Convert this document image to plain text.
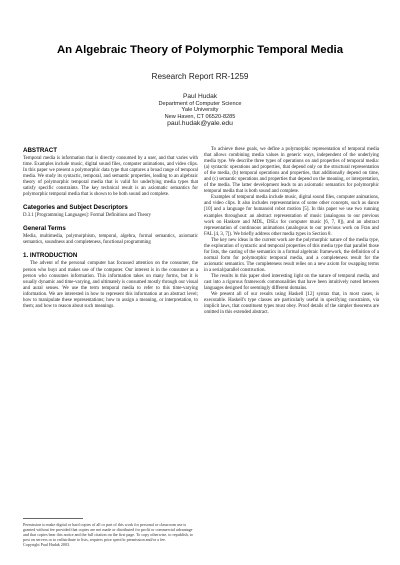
An Algebraic Theory of Polymorphic Temporal Media
Research Report RR-1259
Paul Hudak
Department of Computer Science
Yale University
New Haven, CT 06520-8285
paul.hudak@yale.edu
ABSTRACT

Temporal media is information that is directly consumed by a user, and that varies with time. Examples include music, digital sound files, computer animations, and video clips. In this paper we present a polymorphic data type that captures a broad range of temporal media. We study its syntactic, temporal, and semantic properties, leading to an algebraic theory of polymorphic temporal media that is valid for underlying media types that satisfy specific constraints. The key technical result is an axiomatic semantics for polymorphic temporal media that is shown to be both sound and complete.

Categories and Subject Descriptors

D.3.1 [Programming Languages]: Formal Definitions and Theory

General Terms

Media, multimedia, polymorphism, temporal, algebra, formal semantics, axiomatic semantics, soundness and completeness, functional programming

1. INTRODUCTION

The advent of the personal computer has focussed attention on the consumer, the person who buys and makes use of the computer. Our interest is in the consumer as a person who consumes information. This information takes on many forms, but it is usually dynamic and time-varying, and ultimately is consumed mostly through our visual and aural senses. We use the term temporal media to refer to this time-varying information. We are interested in how to represent this information at an abstract level; how to manipulate these representations; how to assign a meaning, or interpretation, to them; and how to reason about such meanings.

To achieve these goals, we define a polymorphic representation of temporal media that allows combining media values in generic ways, independent of the underlying media type. We describe three types of operations on and properties of temporal media: (a) syntactic operations and properties, that depend only on the structural representation of the media, (b) temporal operations and properties, that additionally depend on time, and (c) semantic operations and properties that depend on the meaning, or interpretation, of the media. The latter development leads to an axiomatic semantics for polymorphic temporal media that is both sound and complete.

Examples of temporal media include music, digital sound files, computer animations, and video clips. It also includes representations of some other concepts, such as dance [10] and a language for humanoid robot motion [5]. In this paper we use two running examples throughout: an abstract representation of music (analogous to our previous work on Haskore and MDL, DSLs for computer music [6, 7, 8]), and an abstract representation of continuous animations (analogous to our previous work on Fran and FAL [4, 3, 7]). We briefly address other media types in Section 8.

The key new ideas in the current work are the polymorphic nature of the media type, the exploration of syntactic and temporal properties of this media type that parallel those for lists, the casting of the semantics in a formal algebraic framework, the definition of a normal form for polymorphic temporal media, and a completeness result for the axiomatic semantics. The completeness result relies on a new axiom for swapping terms in a serial/parallel construction.

The results in this paper shed interesting light on the nature of temporal media, and cast into a rigorous framework commonalities that have been intuitively noted between languages designed for seemingly different domains.

We present all of our results using Haskell [12] syntax that, in most cases, is executable. Haskell's type classes are particularly useful in specifying constraints, via implicit laws, that constituent types must obey. Proof details of the simpler theorems are omitted in this extended abstract.

Permission to make digital or hard copies of all or part of this work for personal or classroom use is granted without fee provided that copies are not made or distributed for profit or commercial advantage and that copies bear this notice and the full citation on the first page. To copy otherwise, to republish, to post on servers or to redistribute to lists, requires prior specific permission and/or a fee.
Copyright Paul Hudak 2003.
